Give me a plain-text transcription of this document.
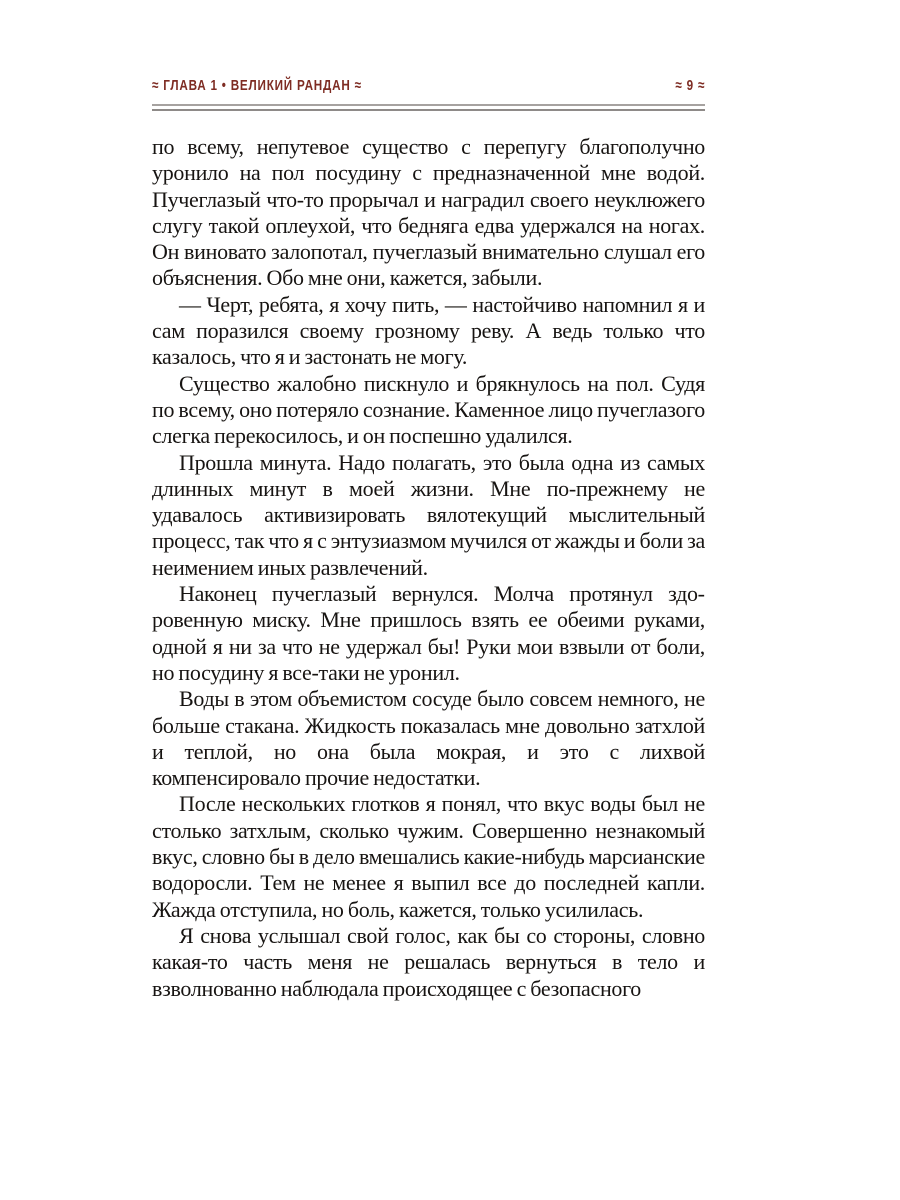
≈ ГЛАВА 1 • ВЕЛИКИЙ РАНДАН ≈	≈ 9 ≈

по всему, непутевое существо с перепугу благополучно уронило на пол посудину с предназначенной мне водой. Пучеглазый что-то прорычал и наградил своего неуклюжего слугу такой оплеухой, что бедняга едва удержался на ногах. Он виновато залопотал, пучеглазый внимательно слушал его объяснения. Обо мне они, кажется, забыли.

— Черт, ребята, я хочу пить, — настойчиво напомнил я и сам поразился своему грозному реву. А ведь только что казалось, что я и застонать не могу.

Существо жалобно пискнуло и брякнулось на пол. Судя по всему, оно потеряло сознание. Каменное лицо пучеглазого слегка перекосилось, и он поспешно удалился.

Прошла минута. Надо полагать, это была одна из самых длинных минут в моей жизни. Мне по-прежнему не удавалось активизировать вялотекущий мыслительный процесс, так что я с энтузиазмом мучился от жажды и боли за неимением иных развлечений.

Наконец пучеглазый вернулся. Молча протянул здоровенную миску. Мне пришлось взять ее обеими руками, одной я ни за что не удержал бы! Руки мои взвыли от боли, но посудину я все-таки не уронил.

Воды в этом объемистом сосуде было совсем немного, не больше стакана. Жидкость показалась мне довольно затхлой и теплой, но она была мокрая, и это с лихвой компенсировало прочие недостатки.

После нескольких глотков я понял, что вкус воды был не столько затхлым, сколько чужим. Совершенно незнакомый вкус, словно бы в дело вмешались какие-нибудь марсианские водоросли. Тем не менее я выпил все до последней капли. Жажда отступила, но боль, кажется, только усилилась.

Я снова услышал свой голос, как бы со стороны, словно какая-то часть меня не решалась вернуться в тело и взволнованно наблюдала происходящее с безопасного
